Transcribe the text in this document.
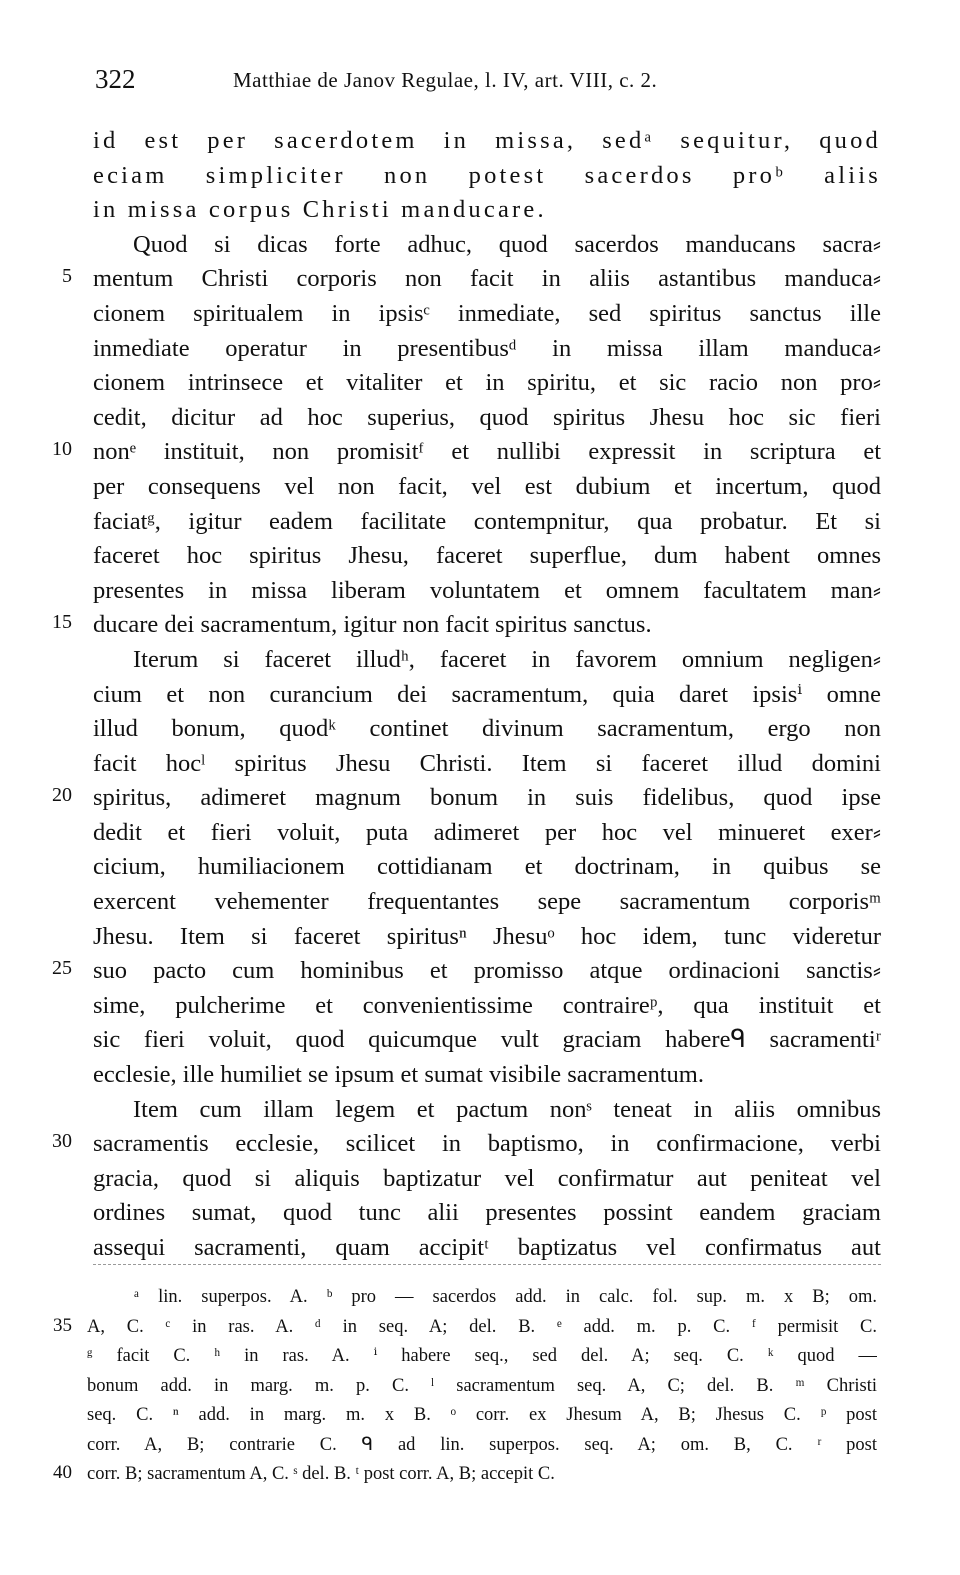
322	Matthiae de Janov Regulae, l. IV, art. VIII, c. 2.
id est per sacerdotem in missa, sedᵃ sequitur, quod
eciam simpliciter non potest sacerdos proᵇ aliis
in missa corpus Christi manducare.
Quod si dicas forte adhuc, quod sacerdos manducans sacra⸗
5 mentum Christi corporis non facit in aliis astantibus manduca⸗
cionem spiritualem in ipsisᶜ inmediate, sed spiritus sanctus ille
inmediate operatur in presentibusᵈ in missa illam manduca⸗
cionem intrinsece et vitaliter et in spiritu, et sic racio non pro⸗
cedit, dicitur ad hoc superius, quod spiritus Jhesu hoc sic fieri
10 nonᵉ instituit, non promisitᶠ et nullibi expressit in scriptura et
per consequens vel non facit, vel est dubium et incertum, quod
faciatᵍ, igitur eadem facilitate contempnitur, qua probatur. Et si
faceret hoc spiritus Jhesu, faceret superflue, dum habent omnes
presentes in missa liberam voluntatem et omnem facultatem man⸗
15 ducare dei sacramentum, igitur non facit spiritus sanctus.
Iterum si faceret illudʰ, faceret in favorem omnium negligen⸗
cium et non curancium dei sacramentum, quia daret ipsisⁱ omne
illud bonum, quodᵏ continet divinum sacramentum, ergo non
facit hocˡ spiritus Jhesu Christi. Item si faceret illud domini
20 spiritus, adimeret magnum bonum in suis fidelibus, quod ipse
dedit et fieri voluit, puta adimeret per hoc vel minueret exer⸗
cicium, humiliacionem cottidianam et doctrinam, in quibus se
exercent vehementer frequentantes sepe sacramentum corporisᵐ
Jhesu. Item si faceret spiritusⁿ Jhesuᵒ hoc idem, tunc videretur
25 suo pacto cum hominibus et promisso atque ordinacioni sanctis⸗
sime, pulcherime et convenientissime contraireᵖ, qua instituit et
sic fieri voluit, quod quicumque vult graciam habereᑫ sacramentiʳ
ecclesie, ille humiliet se ipsum et sumat visibile sacramentum.
Item cum illam legem et pactum nonˢ teneat in aliis omnibus
30 sacramentis ecclesie, scilicet in baptismo, in confirmacione, verbi
gracia, quod si aliquis baptizatur vel confirmatur aut peniteat vel
ordines sumat, quod tunc alii presentes possint eandem graciam
assequi sacramenti, quam accipitᵗ baptizatus vel confirmatus aut
ᵃ lin. superpos. A. ᵇ pro — sacerdos add. in calc. fol. sup. m. x B; om.
35 A, C. ᶜ in ras. A. ᵈ in seq. A; del. B. ᵉ add. m. p. C. ᶠ permisit C.
ᵍ facit C. ʰ in ras. A. ⁱ habere seq., sed del. A; seq. C. ᵏ quod —
bonum add. in marg. m. p. C. ˡ sacramentum seq. A, C; del. B. ᵐ Christi
seq. C. ⁿ add. in marg. m. x B. ᵒ corr. ex Jhesum A, B; Jhesus C. ᵖ post
corr. A, B; contrarie C. ᑫ ad lin. superpos. seq. A; om. B, C. ʳ post
40 corr. B; sacramentum A, C. ˢ del. B. ᵗ post corr. A, B; accepit C.
